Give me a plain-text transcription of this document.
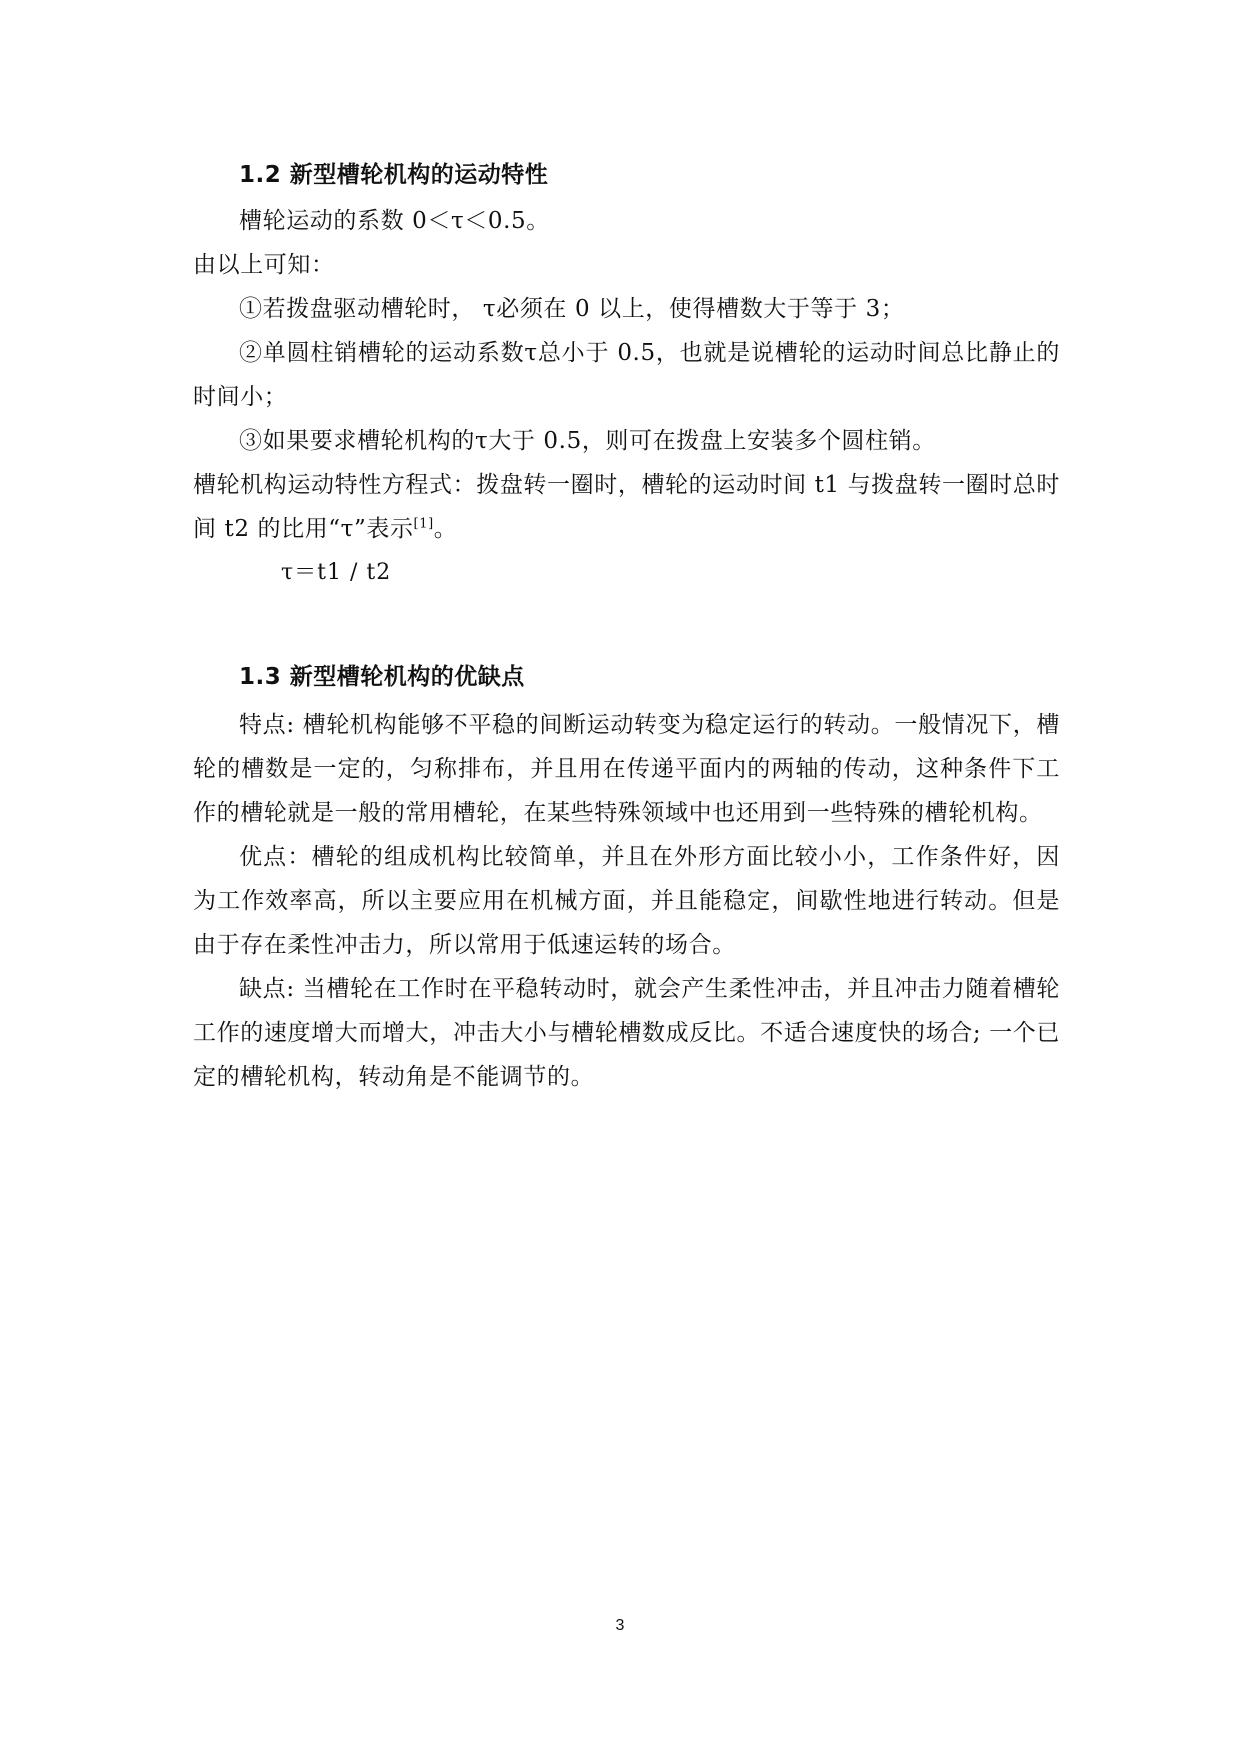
1.2 新型槽轮机构的运动特性

槽轮运动的系数 0＜τ＜0.5。

由以上可知：

①若拨盘驱动槽轮时， τ必须在 0 以上，使得槽数大于等于 3；

②单圆柱销槽轮的运动系数τ总小于 0.5，也就是说槽轮的运动时间总比静止的时间小；

③如果要求槽轮机构的τ大于 0.5，则可在拨盘上安装多个圆柱销。

槽轮机构运动特性方程式：拨盘转一圈时，槽轮的运动时间 t1 与拨盘转一圈时总时间 t2 的比用“τ”表示[1]。

τ＝t1 / t2

1.3 新型槽轮机构的优缺点

特点: 槽轮机构能够不平稳的间断运动转变为稳定运行的转动。一般情况下，槽轮的槽数是一定的，匀称排布，并且用在传递平面内的两轴的传动，这种条件下工作的槽轮就是一般的常用槽轮，在某些特殊领域中也还用到一些特殊的槽轮机构。

优点：槽轮的组成机构比较简单，并且在外形方面比较小小，工作条件好，因为工作效率高，所以主要应用在机械方面，并且能稳定，间歇性地进行转动。但是由于存在柔性冲击力，所以常用于低速运转的场合。

缺点: 当槽轮在工作时在平稳转动时，就会产生柔性冲击，并且冲击力随着槽轮工作的速度增大而增大，冲击大小与槽轮槽数成反比。不适合速度快的场合; 一个已定的槽轮机构，转动角是不能调节的。

3
